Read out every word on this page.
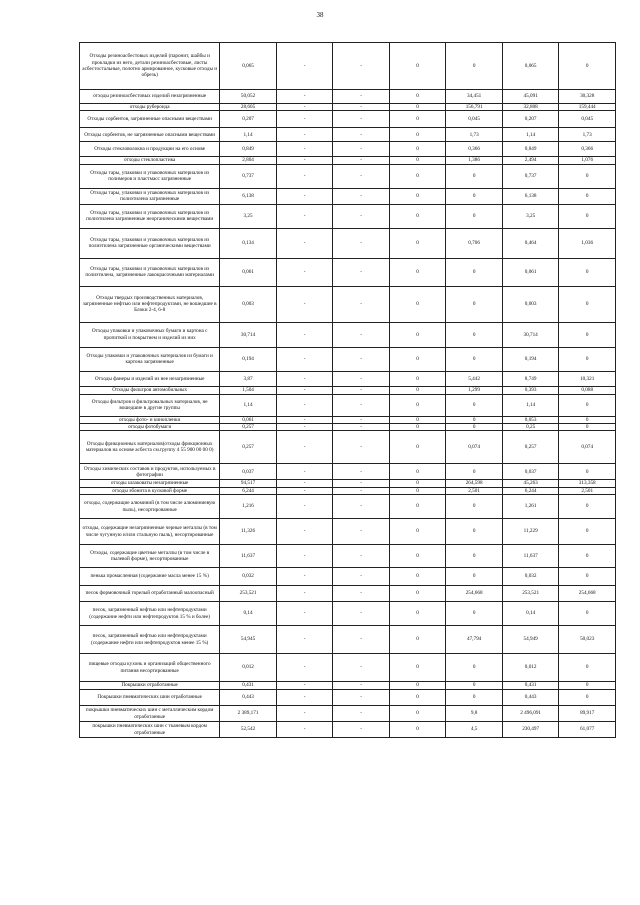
38
Отходы резиноасбестовых изделий (паронит, шайбы и прокладки из него, детали резиноасбестовые, листы асбестостальные, полотно армированное, кусковые отходы и обрезь)	0,065	-	-	0	0	0,065	0
отходы резиноасбестовых изделий незагрязненные	50,052	-	-	0	34,451	45,091	30,328
отходы рубероида	28,605	-	-	0	156,791	32,808	159,444
Отходы сорбентов, загрязненные опасными веществами	0,207	-	-	0	0,045	0,207	0,045
Отходы сорбентов, не загрязненные опасными веществами	1,14	-	-	0	1,73	1,14	1,73
Отходы стекловолокна и продукции на его основе	0,849	-	-	0	0,366	0,849	0,366
отходы стеклопластика	2,804	-	-	0	1,386	2,494	1,076
Отходы тары, упаковки и упаковочных материалов из полимеров и пластмасс загрязненные	0,737	-	-	0	0	0,737	0
Отходы тары, упаковки и упаковочных материалов из полиэтилена загрязненные	6,138	-	-	0	0	6,138	0
Отходы тары, упаковки и упаковочных материалов из полиэтилена загрязненные неорганическими веществами	3,25	-	-	0	0	3,25	0
Отходы тары, упаковки и упаковочных материалов из полиэтилена загрязненные органическими веществами	0,134	-	-	0	0,706	0,464	1,036
Отходы тары, упаковки и упаковочных материалов из полиэтилена, загрязненные лакокрасочными материалами	0,061	-	-	0	0	0,061	0
Отходы твердых производственных материалов, загрязненные нефтью или нефтепродуктами, не вошедшие в Блоки 2-4, 6-8	0,003	-	-	0	0	0,003	0
Отходы упаковки и упаковочных бумаги и картона с пропиткой и покрытием и изделий из них	30,714	-	-	0	0	30,714	0
Отходы упаковки и упаковочных материалов из бумаги и картона загрязненные	0,194	-	-	0	0	0,194	0
Отходы фанеры и изделий из нее незагрязненные	3,87	-	-	0	5,442	8,749	10,321
Отходы фильтров автомобильных	1,504	-	-	0	1,299	0,393	0,088
Отходы фильтров и фильтровальных материалов, не вошедшие в другие группы	1,14	-	-	0	0	1,14	0
отходы фото- и кинопленки	0,061	-	-	0	0	0,053	0
отходы фотобумаги	0,257	-	-	0	0	0,25	0
Отходы фрикционных материалов(отходы фрикционных материалов на основе асбеста см.группу 4 55 900 00 00 0)	0,257	-	-	0	0,074	0,257	0,074
Отходы химических составов и продуктов, используемых в фотографии	0,037	-	-	0	0	0,037	0
отходы шлаковаты незагрязненные	94,517	-	-	0	264,598	45,263	313,358
отходы эбонита в кусковой форме	6,244	-	-	0	2,501	6,244	2,501
отходы, содержащие алюминий (в том числе алюминиевую пыль), несортированные	1,216	-	-	0	0	1,261	0
отходы, содержащие незагрязненные черные металлы (в том числе чугунную и/или стальную пыль), несортированные	11,326	-	-	0	0	11,229	0
Отходы, содержащие цветные металлы (в том числе в пылевой форме), несортированные	11,637	-	-	0	0	11,637	0
пенька промасленная (содержание масла менее 15 %)	0,032	-	-	0	0	0,032	0
песок формовочный горелый отработанный малоопасный	253,521	-	-	0	254,668	253,521	254,668
песок, загрязненный нефтью или нефтепродуктами (содержание нефти или нефтепродуктов 15 % и более)	0,14	-	-	0	0	0,14	0
песок, загрязненный нефтью или нефтепродуктами (содержание нефти или нефтепродуктов менее 15 %)	54,945	-	-	0	47,794	54,949	50,023
пищевые отходы кухонь и организаций общественного питания несортированные	0,012	-	-	0	0	0,012	0
Покрышки отработанные	0,431	-	-	0	0	0,431	0
Покрышки пневматических шин отработанные	0,443	-	-	0	0	0,443	0
покрышки пневматических шин с металлическим кордом отработанные	2 389,171	-	-	0	9,8	2 496,091	89,917
покрышки пневматических шин с тканевым кордом отработанные	52,542	-	-	0	4,5	230,497	61,077
